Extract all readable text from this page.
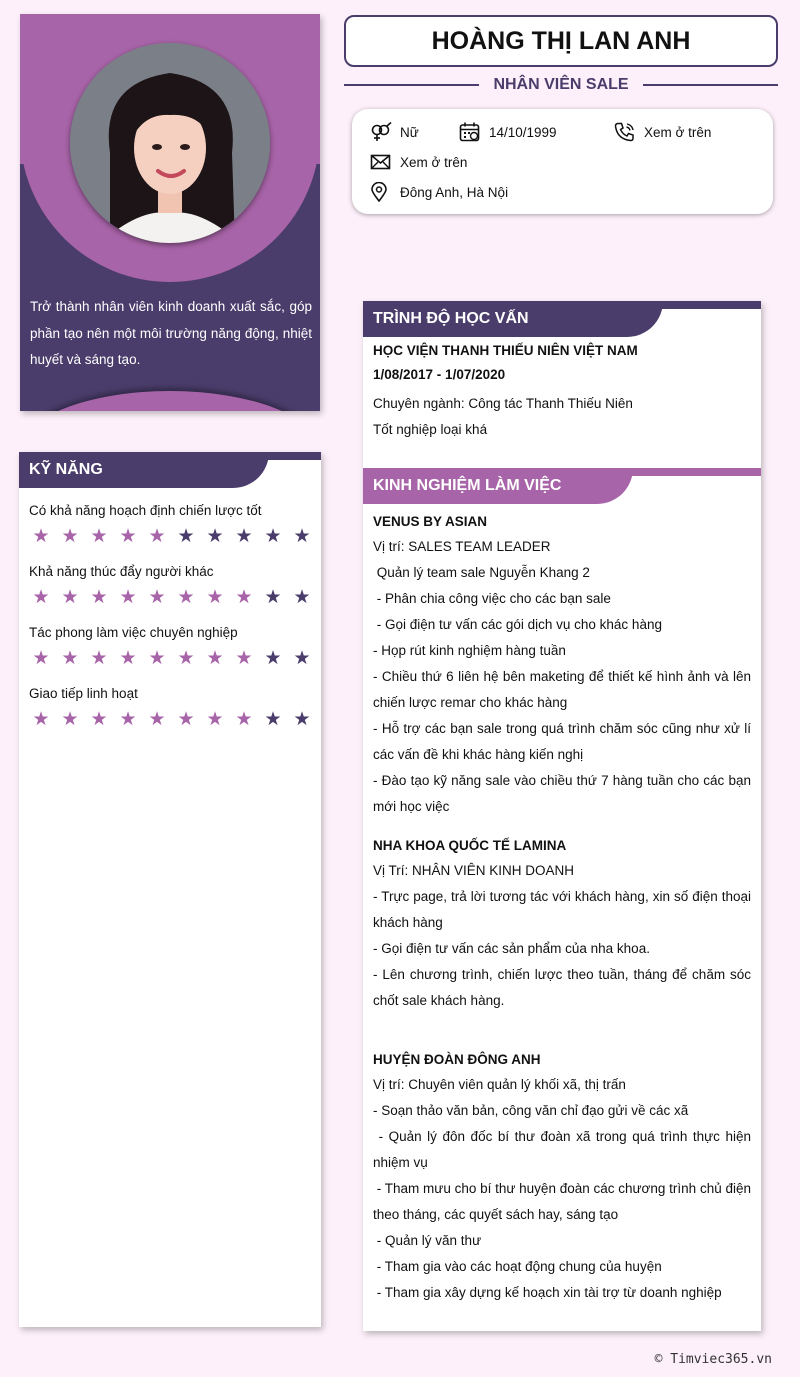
Trở thành nhân viên kinh doanh xuất sắc, góp phần tạo nên một môi trường năng động, nhiệt huyết và sáng tạo.
HOÀNG THỊ LAN ANH
NHÂN VIÊN SALE
Nữ	14/10/1999	Xem ở trên
Xem ở trên
Đông Anh, Hà Nội
KỸ NĂNG
Có khả năng hoạch định chiến lược tốt
★ ★ ★ ★ ★ ★ ★ ★ ★ ★
Khả năng thúc đẩy người khác
★ ★ ★ ★ ★ ★ ★ ★ ★ ★
Tác phong làm việc chuyên nghiệp
★ ★ ★ ★ ★ ★ ★ ★ ★ ★
Giao tiếp linh hoạt
★ ★ ★ ★ ★ ★ ★ ★ ★ ★
TRÌNH ĐỘ HỌC VẤN
HỌC VIỆN THANH THIẾU NIÊN VIỆT NAM
1/08/2017 - 1/07/2020
Chuyên ngành: Công tác Thanh Thiếu Niên
Tốt nghiệp loại khá
KINH NGHIỆM LÀM VIỆC
VENUS BY ASIAN
Vị trí: SALES TEAM LEADER
Quản lý team sale Nguyễn Khang 2
- Phân chia công việc cho các bạn sale
- Gọi điện tư vấn các gói dịch vụ cho khác hàng
- Họp rút kinh nghiệm hàng tuần
- Chiều thứ 6 liên hệ bên maketing để thiết kế hình ảnh và lên chiến lược remar cho khác hàng
- Hỗ trợ các bạn sale trong quá trình chăm sóc cũng như xử lí các vấn đề khi khác hàng kiến nghị
- Đào tạo kỹ năng sale vào chiều thứ 7 hàng tuần cho các bạn mới học việc
NHA KHOA QUỐC TẾ LAMINA
Vị Trí: NHÂN VIÊN KINH DOANH
- Trực page, trả lời tương tác với khách hàng, xin số điện thoại khách hàng
- Gọi điện tư vấn các sản phẩm của nha khoa.
- Lên chương trình, chiến lược theo tuần, tháng để chăm sóc chốt sale khách hàng.
HUYỆN ĐOÀN ĐÔNG ANH
Vị trí: Chuyên viên quản lý khối xã, thị trấn
- Soạn thảo văn bản, công văn chỉ đạo gửi về các xã
- Quản lý đôn đốc bí thư đoàn xã trong quá trình thực hiện nhiệm vụ
- Tham mưu cho bí thư huyện đoàn các chương trình chủ điện theo tháng, các quyết sách hay, sáng tạo
- Quản lý văn thư
- Tham gia vào các hoạt động chung của huyện
- Tham gia xây dựng kế hoạch xin tài trợ từ doanh nghiệp
© Timviec365.vn
